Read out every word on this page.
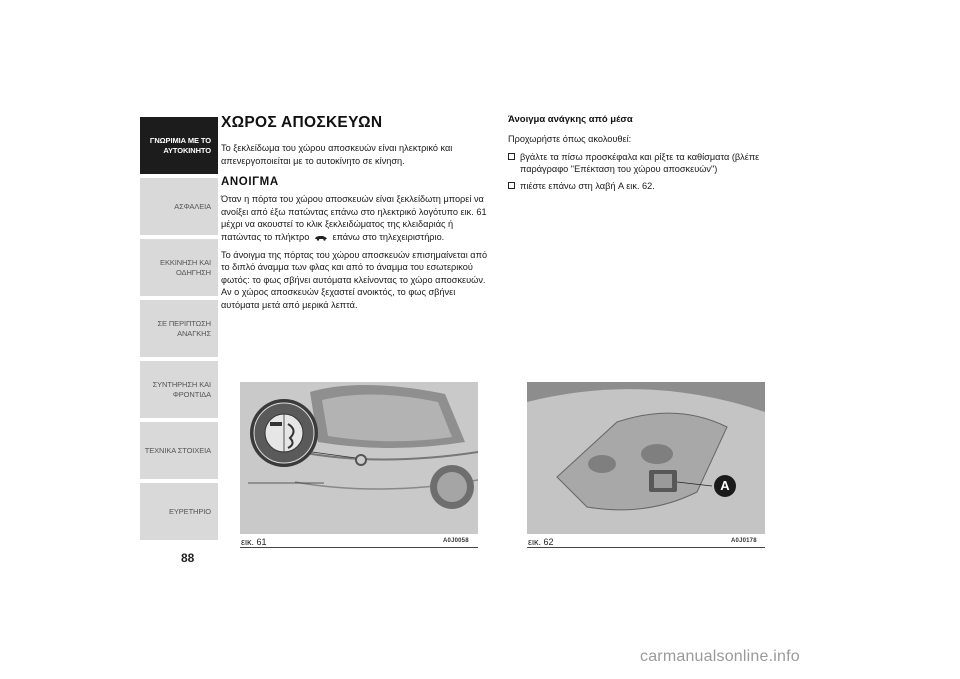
ΓΝΩΡΙΜΙΑ ΜΕ ΤΟ
ΑΥΤΟΚΙΝΗΤΟ
ΑΣΦΑΛΕΙΑ
ΕΚΚΙΝΗΣΗ ΚΑΙ
ΟΔΗΓΗΣΗ
ΣΕ ΠΕΡΙΠΤΩΣΗ
ΑΝΑΓΚΗΣ
ΣΥΝΤΗΡΗΣΗ ΚΑΙ
ΦΡΟΝΤΙΔΑ
ΤΕΧΝΙΚΑ ΣΤΟΙΧΕΙΑ
ΕΥΡΕΤΗΡΙΟ
88
ΧΩΡΟΣ ΑΠΟΣΚΕΥΩΝ

Το ξεκλείδωμα του χώρου αποσκευών είναι ηλεκτρικό και απενεργοποιείται με το αυτοκίνητο σε κίνηση.

ΑΝΟΙΓΜΑ

Όταν η πόρτα του χώρου αποσκευών είναι ξεκλείδωτη μπορεί να ανοίξει από έξω πατώντας επάνω στο ηλεκτρικό λογότυπο εικ. 61 μέχρι να ακουστεί το κλικ ξεκλειδώματος της κλειδαριάς ή πατώντας το πλήκτρο	επάνω στο τηλεχειριστήριο.

Το άνοιγμα της πόρτας του χώρου αποσκευών επισημαίνεται από το διπλό άναμμα των φλας και από το άναμμα του εσωτερικού φωτός: το φως σβήνει αυτόματα κλείνοντας το χώρο αποσκευών. Αν ο χώρος αποσκευών ξεχαστεί ανοικτός, το φως σβήνει αυτόματα μετά από μερικά λεπτά.

Άνοιγμα ανάγκης από μέσα

Προχωρήστε όπως ακολουθεί:

βγάλτε τα πίσω προσκέφαλα και ρίξτε τα καθίσματα (βλέπε παράγραφο "Επέκταση του χώρου αποσκευών")
πιέστε επάνω στη λαβή A εικ. 62.
εικ. 61	A0J0058
A
εικ. 62	A0J0178
carmanualsonline.info
